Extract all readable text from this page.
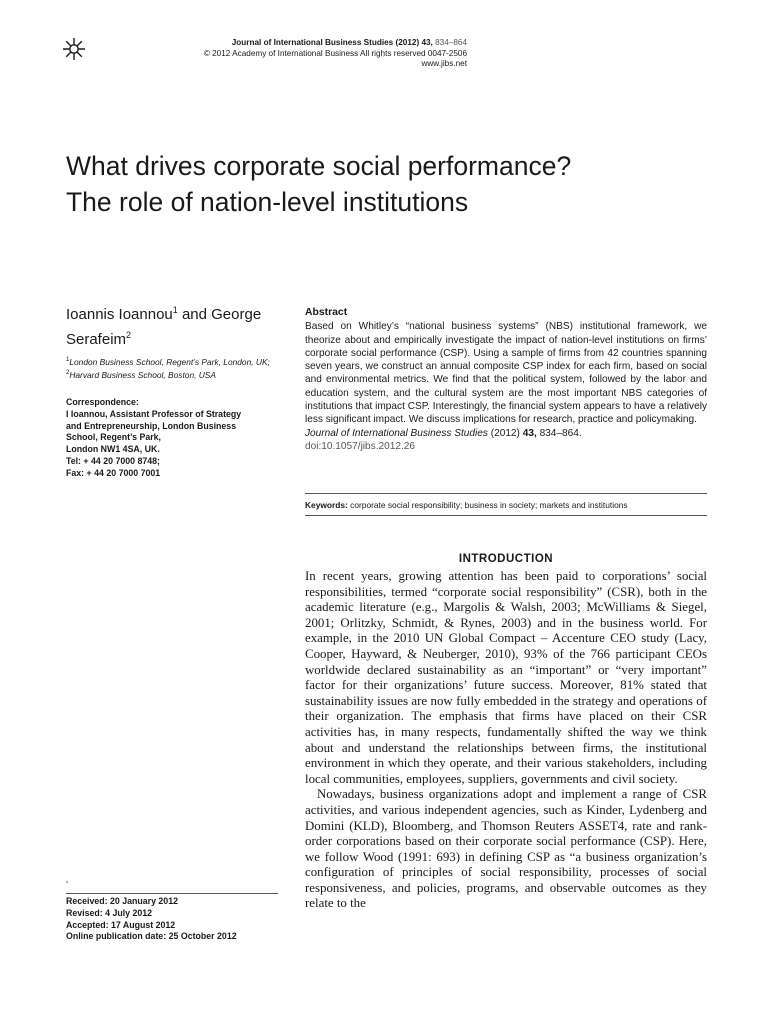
Journal of International Business Studies (2012) 43, 834–864
© 2012 Academy of International Business All rights reserved 0047-2506
www.jibs.net
What drives corporate social performance?
The role of nation-level institutions
Ioannis Ioannou$^1$ and George
Serafeim$^2$
$^1$London Business School, Regent’s Park, London, UK; $^2$Harvard Business School, Boston, USA
Correspondence:
I Ioannou, Assistant Professor of Strategy
and Entrepreneurship, London Business
School, Regent’s Park,
London NW1 4SA, UK.
Tel: + 44 20 7000 8748;
Fax: + 44 20 7000 7001
Abstract
Based on Whitley’s “national business systems” (NBS) institutional framework, we theorize about and empirically investigate the impact of nation-level institutions on firms’ corporate social performance (CSP). Using a sample of firms from 42 countries spanning seven years, we construct an annual composite CSP index for each firm, based on social and environmental metrics. We find that the political system, followed by the labor and education system, and the cultural system are the most important NBS categories of institutions that impact CSP. Interestingly, the financial system appears to have a relatively less significant impact. We discuss implications for research, practice and policymaking.
Journal of International Business Studies (2012) 43, 834–864.
doi:10.1057/jibs.2012.26
Keywords: corporate social responsibility; business in society; markets and institutions
INTRODUCTION

In recent years, growing attention has been paid to corporations’ social responsibilities, termed “corporate social responsibility” (CSR), both in the academic literature (e.g., Margolis & Walsh, 2003; McWilliams & Siegel, 2001; Orlitzky, Schmidt, & Rynes, 2003) and in the business world. For example, in the 2010 UN Global Compact – Accenture CEO study (Lacy, Cooper, Hayward, & Neuberger, 2010), 93% of the 766 participant CEOs worldwide declared sustainability as an “important” or “very important” factor for their organizations’ future success. Moreover, 81% stated that sustainability issues are now fully embedded in the strategy and operations of their organization. The emphasis that firms have placed on their CSR activities has, in many respects, fundamentally shifted the way we think about and understand the relationships between firms, the institutional environment in which they operate, and their various stakeholders, including local communities, employees, suppliers, governments and civil society.

Nowadays, business organizations adopt and implement a range of CSR activities, and various independent agencies, such as Kinder, Lydenberg and Domini (KLD), Bloomberg, and Thomson Reuters ASSET4, rate and rank-order corporations based on their corporate social performance (CSP). Here, we follow Wood (1991: 693) in defining CSP as “a business organization’s configuration of principles of social responsibility, processes of social responsiveness, and policies, programs, and observable outcomes as they relate to the

‚
Received: 20 January 2012
Revised: 4 July 2012
Accepted: 17 August 2012
Online publication date: 25 October 2012
